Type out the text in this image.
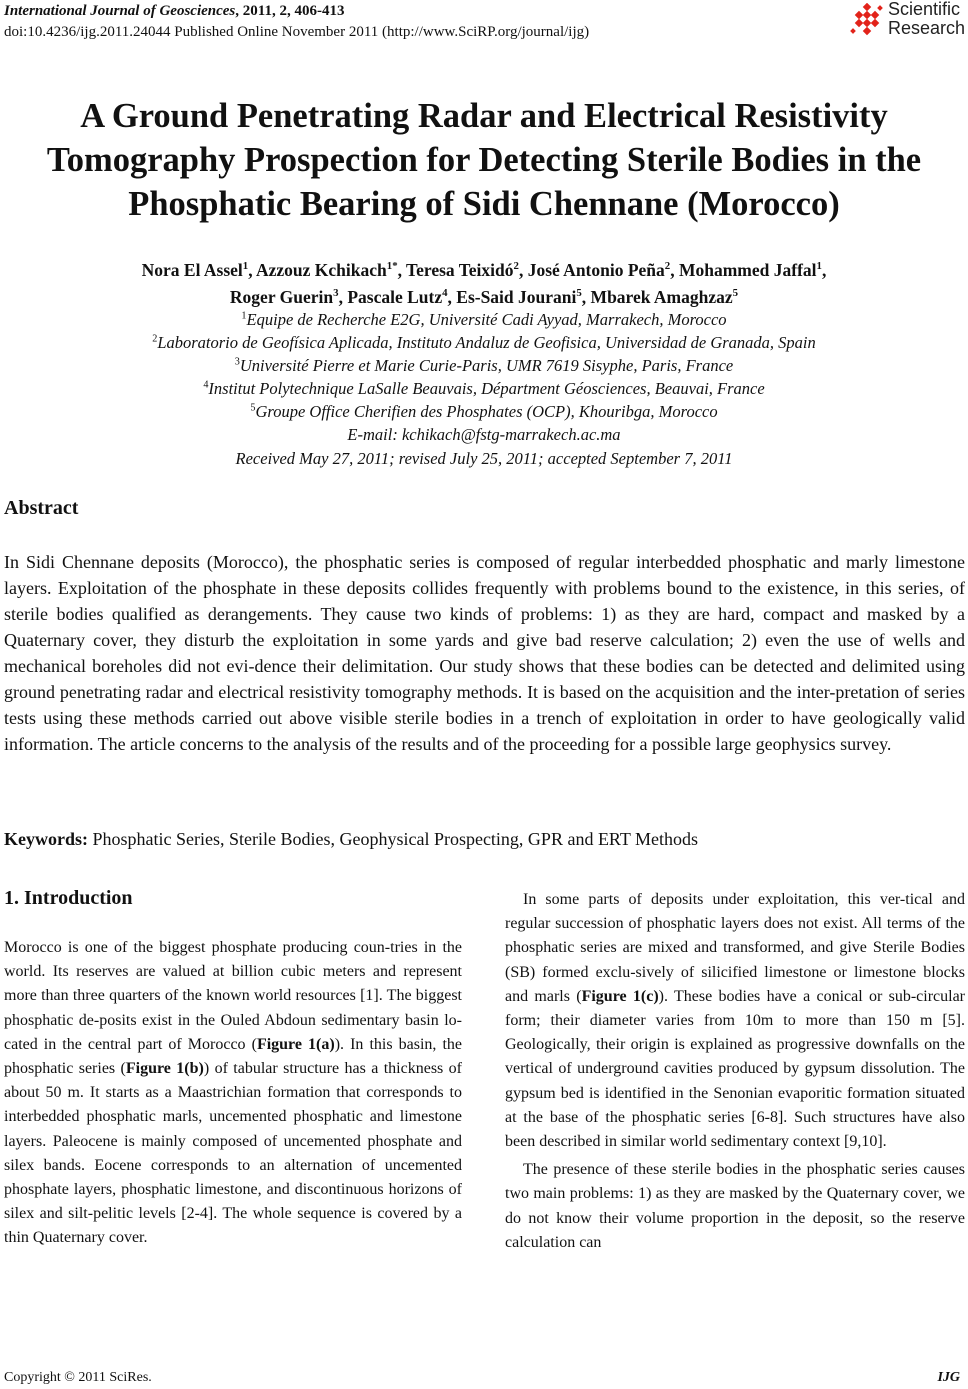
International Journal of Geosciences, 2011, 2, 406-413
doi:10.4236/ijg.2011.24044 Published Online November 2011 (http://www.SciRP.org/journal/ijg)
Scientific
Research
A Ground Penetrating Radar and Electrical Resistivity
Tomography Prospection for Detecting Sterile Bodies in the
Phosphatic Bearing of Sidi Chennane (Morocco)
Nora El Assel$^1$, Azzouz Kchikach$^{1*}$, Teresa Teixidó$^2$, José Antonio Peña$^2$, Mohammed Jaffal$^1$,
Roger Guerin$^3$, Pascale Lutz$^4$, Es-Said Jourani$^5$, Mbarek Amaghzaz$^5$
$^1$Equipe de Recherche E2G, Université Cadi Ayyad, Marrakech, Morocco
$^2$Laboratorio de Geofísica Aplicada, Instituto Andaluz de Geofisica, Universidad de Granada, Spain
$^3$Université Pierre et Marie Curie-Paris, UMR 7619 Sisyphe, Paris, France
$^4$Institut Polytechnique LaSalle Beauvais, Départment Géosciences, Beauvai, France
$^5$Groupe Office Cherifien des Phosphates (OCP), Khouribga, Morocco
E-mail: kchikach@fstg-marrakech.ac.ma
Received May 27, 2011; revised July 25, 2011; accepted September 7, 2011
Abstract
In Sidi Chennane deposits (Morocco), the phosphatic series is composed of regular interbedded phosphatic and marly limestone layers. Exploitation of the phosphate in these deposits collides frequently with problems bound to the existence, in this series, of sterile bodies qualified as derangements. They cause two kinds of problems: 1) as they are hard, compact and masked by a Quaternary cover, they disturb the exploitation in some yards and give bad reserve calculation; 2) even the use of wells and mechanical boreholes did not evi-dence their delimitation. Our study shows that these bodies can be detected and delimited using ground penetrating radar and electrical resistivity tomography methods. It is based on the acquisition and the inter-pretation of series tests using these methods carried out above visible sterile bodies in a trench of exploitation in order to have geologically valid information. The article concerns to the analysis of the results and of the proceeding for a possible large geophysics survey.
Keywords: Phosphatic Series, Sterile Bodies, Geophysical Prospecting, GPR and ERT Methods
1. Introduction

Morocco is one of the biggest phosphate producing coun-tries in the world. Its reserves are valued at billion cubic meters and represent more than three quarters of the known world resources [1]. The biggest phosphatic de-posits exist in the Ouled Abdoun sedimentary basin lo-cated in the central part of Morocco (Figure 1(a)). In this basin, the phosphatic series (Figure 1(b)) of tabular structure has a thickness of about 50 m. It starts as a Maastrichian formation that corresponds to interbedded phosphatic marls, uncemented phosphatic and limestone layers. Paleocene is mainly composed of uncemented phosphate and silex bands. Eocene corresponds to an alternation of uncemented phosphate layers, phosphatic limestone, and discontinuous horizons of silex and silt-pelitic levels [2-4]. The whole sequence is covered by a thin Quaternary cover.

In some parts of deposits under exploitation, this ver-tical and regular succession of phosphatic layers does not exist. All terms of the phosphatic series are mixed and transformed, and give Sterile Bodies (SB) formed exclu-sively of silicified limestone or limestone blocks and marls (Figure 1(c)). These bodies have a conical or sub-circular form; their diameter varies from 10m to more than 150 m [5]. Geologically, their origin is explained as progressive downfalls on the vertical of underground cavities produced by gypsum dissolution. The gypsum bed is identified in the Senonian evaporitic formation situated at the base of the phosphatic series [6-8]. Such structures have also been described in similar world sedimentary context [9,10].

The presence of these sterile bodies in the phosphatic series causes two main problems: 1) as they are masked by the Quaternary cover, we do not know their volume proportion in the deposit, so the reserve calculation can

Copyright © 2011 SciRes.	IJG
